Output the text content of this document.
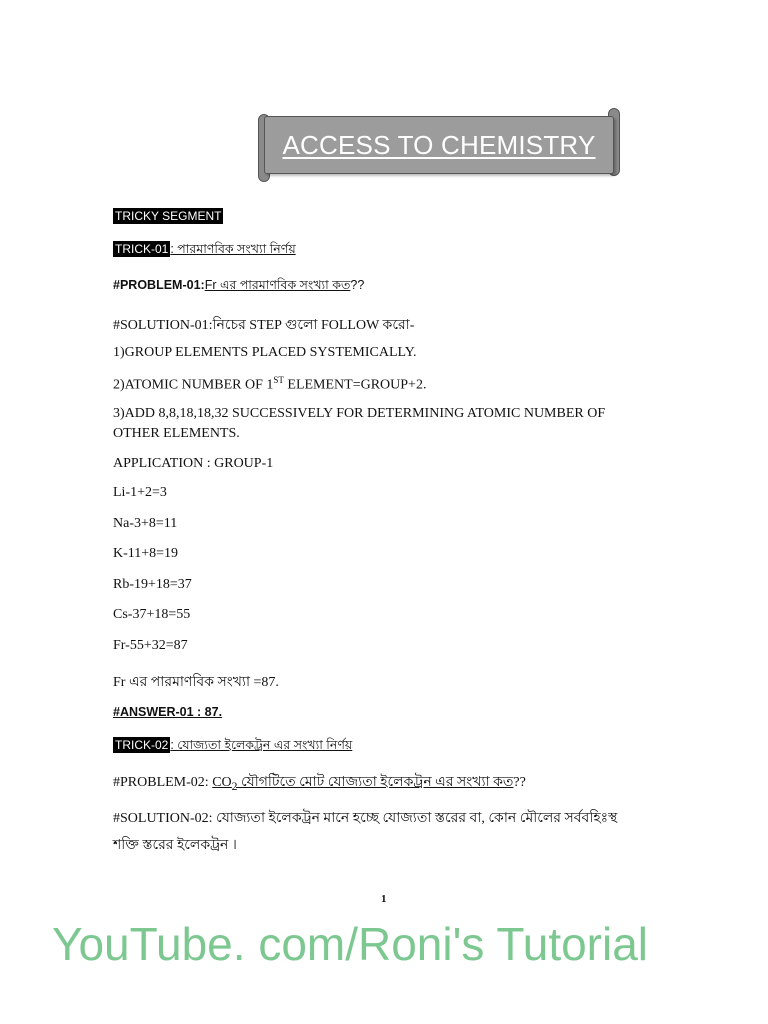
ACCESS TO CHEMISTRY
TRICKY SEGMENT
TRICK-01 : পারমাণবিক সংখ্যা নির্ণয়
#PROBLEM-01:Fr এর পারমাণবিক সংখ্যা কত??
#SOLUTION-01:নিচের STEP গুলো FOLLOW করো-
1)GROUP ELEMENTS PLACED SYSTEMICALLY.
2)ATOMIC NUMBER OF 1ST ELEMENT=GROUP+2.
3)ADD 8,8,18,18,32 SUCCESSIVELY FOR DETERMINING ATOMIC NUMBER OF
OTHER ELEMENTS.
APPLICATION : GROUP-1
Li-1+2=3
Na-3+8=11
K-11+8=19
Rb-19+18=37
Cs-37+18=55
Fr-55+32=87
Fr এর পারমাণবিক সংখ্যা =87.
#ANSWER-01 : 87.
TRICK-02 : যোজ্যতা ইলেকট্রন এর সংখ্যা নির্ণয়
#PROBLEM-02: $CO_2$ যৌগটিতে মোট যোজ্যতা ইলেকট্রন এর সংখ্যা কত??
#SOLUTION-02: যোজ্যতা ইলেকট্রন মানে হচ্ছে যোজ্যতা স্তরের বা, কোন মৌলের সর্ববহিঃস্থ
শক্তি স্তরের ইলেকট্রন ।
1
YouTube. com/Roni's Tutorial
